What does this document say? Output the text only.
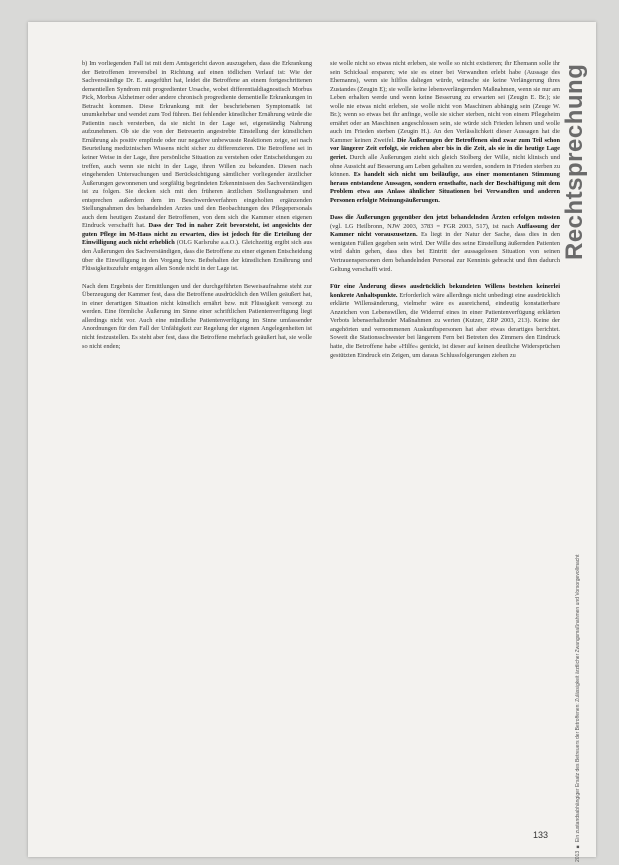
b) Im vorliegenden Fall ist mit dem Amtsgericht davon auszugehen, dass die Erkrankung der Betroffenen irreversibel in Richtung auf einen tödlichen Verlauf ist: Wie der Sachverständige Dr. E. ausgeführt hat, leidet die Betroffene an einem fortgeschrittenen dementiellen Syndrom mit progredienter Ursache, wobei differentialdiagnostisch Morbus Pick, Morbus Alzheimer oder andere chronisch progrediente dementielle Erkrankungen in Betracht kommen. Diese Erkrankung mit der beschriebenen Symptomatik ist unumkehrbar und wendet zum Tod führen. Bei fehlender künstlicher Ernährung würde die Patientin rasch versterben, da sie nicht in der Lage sei, eigenständig Nahrung aufzunehmen. Ob sie die von der Betreuerin angestrebte Einstellung der künstlichen Ernährung als positiv empfinde oder nur negative unbewusste Reaktionen zeige, sei nach Beurteilung medizinischen Wissens nicht sicher zu differenzieren. Die Betroffene sei in keiner Weise in der Lage, ihre persönliche Situation zu verstehen oder Entscheidungen zu treffen, auch wenn sie nicht in der Lage, ihren Willen zu bekunden. Diesen nach eingehenden Untersuchungen und Berücksichtigung sämtlicher vorliegender ärztlicher Äußerungen gewonnenen und sorgfältig begründeten Erkenntnissen des Sachverständigen ist zu folgen. Sie decken sich mit den früheren ärztlichen Stellungnahmen und entsprechen außerdem dem im Beschwerdeverfahren eingeholten ergänzenden Stellungnahmen des behandelnden Arztes und den Beobachtungen des Pflegepersonals auch dem heutigen Zustand der Betroffenen, von dem sich die Kammer einen eigenen Eindruck verschafft hat. Dass der Tod in naher Zeit bevorsteht, ist angesichts der guten Pflege im M-Haus nicht zu erwarten, dies ist jedoch für die Erteilung der Einwilligung auch nicht erheblich (OLG Karlsruhe a.a.O.). Gleichzeitig ergibt sich aus den Äußerungen des Sachverständigen, dass die Betroffene zu einer eigenen Entscheidung über die Einwilligung in den Vorgang bzw. Beibehalten der künstlichen Ernährung und Flüssigkeitszufuhr entgegen allen Sonde nicht in der Lage ist.

Nach dem Ergebnis der Ermittlungen und der durchgeführten Beweisaufnahme steht zur Überzeugung der Kammer fest, dass die Betroffene ausdrücklich den Willen geäußert hat, in einer derartigen Situation nicht künstlich ernährt bzw. mit Flüssigkeit versorgt zu werden. Eine förmliche Äußerung im Sinne einer schriftlichen Patientenverfügung liegt allerdings nicht vor. Auch eine mündliche Patientenverfügung im Sinne umfassender Anordnungen für den Fall der Unfähigkeit zur Regelung der eigenen Angelegenheiten ist nicht festzustellen. Es steht aber fest, dass die Betroffene mehrfach geäußert hat, sie wolle so nicht enden;

sie wolle nicht so etwas nicht erleben, sie wolle so nicht existieren; ihr Ehemann solle ihr sein Schicksal ersparen; wie sie es einer bei Verwandten erlebt habe (Aussage des Ehemanns), wenn sie hilflos daliegen würde, wünsche sie keine Verlängerung ihres Zustandes (Zeugin E); sie wolle keine lebensverlängernden Maßnahmen, wenn sie nur am Leben erhalten werde und wenn keine Besserung zu erwarten sei (Zeugin E. Br.); sie wolle nie etwas nicht erleben, sie wolle nicht von Maschinen abhängig sein (Zeuge W. Br.); wenn so etwas bei ihr anfinge, wolle sie sicher sterben, nicht von einem Pflegeheim ernährt oder an Maschinen angeschlossen sein, sie würde sich Frieden lehnen und wolle auch im Frieden sterben (Zeugin H.). An den Verlässlichkeit dieser Aussagen hat die Kammer keinen Zweifel. Die Äußerungen der Betroffenen sind zwar zum Teil schon vor längerer Zeit erfolgt, sie reichen aber bis in die Zeit, als sie in die heutige Lage geriet. Durch alle Äußerungen zieht sich gleich Stolberg der Wille, nicht klinisch und ohne Aussicht auf Besserung am Leben gehalten zu werden, sondern in Frieden sterben zu können. Es handelt sich nicht um beiläufige, aus einer momentanen Stimmung heraus entstandene Aussagen, sondern ernsthafte, nach der Beschäftigung mit dem Problem etwa aus Anlass ähnlicher Situationen bei Verwandten und anderen Personen erfolgte Meinungsäußerungen.

Dass die Äußerungen gegenüber den jetzt behandelnden Ärzten erfolgen müssten (vgl. LG Heilbronn, NJW 2003, 3783 = FGR 2003, 517), ist nach Auffassung der Kammer nicht vorauszusetzen. Es liegt in der Natur der Sache, dass dies in den wenigsten Fällen gegeben sein wird. Der Wille des seine Einstellung äußernden Patienten wird dahin gehen, dass dies bei Eintritt der aussagelosen Situation von seinen Vertrauenspersonen dem behandelnden Personal zur Kenntnis gebracht und ihm dadurch Geltung verschafft wird.

Für eine Änderung dieses ausdrücklich bekundeten Willens bestehen keinerlei konkrete Anhaltspunkte. Erforderlich wäre allerdings nicht unbedingt eine ausdrücklich erklärte Willensänderung, vielmehr wäre es ausreichend, eindeutig konstatierbare Anzeichen von Lebenswillen, die Widerruf eines in einer Patientenverfügung erklärten Verbots lebenserhaltender Maßnahmen zu werten (Kutzer, ZRP 2003, 213). Keine der angehörten und vernommenen Auskunftspersonen hat aber etwas derartiges berichtet. Soweit die Stationsschwester bei längerem Fern bei Betreten des Zimmers den Eindruck hatte, die Betroffene habe »Hilfe« genickt, ist dieser auf keinen deutliche Widersprüchen gestützten Eindruck ein Zeigen, um daraus Schlussfolgerungen ziehen zu

Rechtsprechung
2013 ■ Ein zustandsabhängiger Ersatz des Betreuers der Betroffenen: Zulässigkeit ärztlicher Zwangsmaßnahmen und Vorsorgevollmacht
133
